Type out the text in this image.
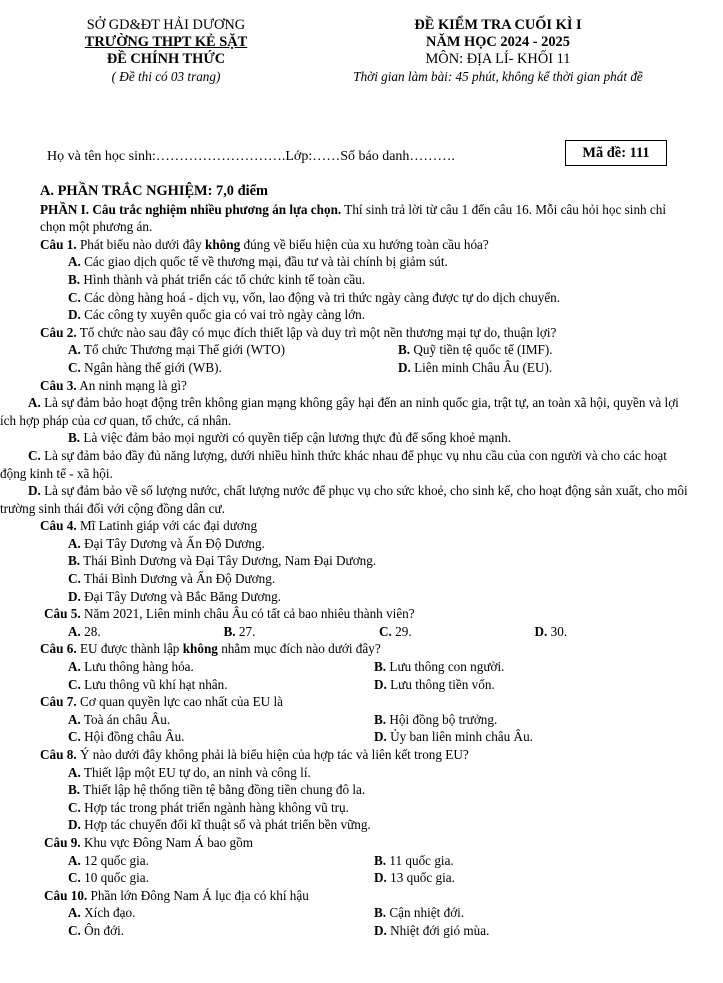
SỞ GD&ĐT HẢI DƯƠNG
TRƯỜNG THPT KẺ SẶT
ĐỀ CHÍNH THỨC
( Đề thi có 03 trang)
ĐỀ KIỂM TRA CUỐI KÌ I
NĂM HỌC 2024 - 2025
MÔN: ĐỊA LÍ- KHỐI 11
Thời gian làm bài: 45 phút, không kể thời gian phát đề
Họ và tên học sinh:……………………….Lớp:……Số báo danh……….	Mã đề: 111
A. PHẦN TRẮC NGHIỆM: 7,0 điểm
PHẦN I. Câu trắc nghiệm nhiều phương án lựa chọn. Thí sinh trả lời từ câu 1 đến câu 16. Mỗi câu hỏi học sinh chỉ chọn một phương án.
Câu 1. Phát biểu nào dưới đây không đúng về biểu hiện của xu hướng toàn cầu hóa?
A. Các giao dịch quốc tế về thương mại, đầu tư và tài chính bị giảm sút.
B. Hình thành và phát triển các tổ chức kinh tế toàn cầu.
C. Các dòng hàng hoá - dịch vụ, vốn, lao động và tri thức ngày càng được tự do dịch chuyển.
D. Các công ty xuyên quốc gia có vai trò ngày càng lớn.
Câu 2. Tổ chức nào sau đây có mục đích thiết lập và duy trì một nền thương mại tự do, thuận lợi?
A. Tổ chức Thương mại Thế giới (WTO)	B. Quỹ tiền tệ quốc tế (IMF).
C. Ngân hàng thế giới (WB).	D. Liên minh Châu Âu (EU).
Câu 3. An ninh mạng là gì?
A. Là sự đảm bảo hoạt động trên không gian mạng không gây hại đến an ninh quốc gia, trật tự, an toàn xã hội, quyền và lợi ích hợp pháp của cơ quan, tổ chức, cá nhân.
B. Là việc đảm bảo mọi người có quyền tiếp cận lương thực đủ để sống khoẻ mạnh.
C. Là sự đảm bảo đầy đủ năng lượng, dưới nhiều hình thức khác nhau để phục vụ nhu cầu của con người và cho các hoạt động kinh tế - xã hội.
D. Là sự đảm bảo về số lượng nước, chất lượng nước để phục vụ cho sức khoẻ, cho sinh kế, cho hoạt động sản xuất, cho môi trường sinh thái đối với cộng đồng dân cư.
Câu 4. Mĩ Latinh giáp với các đại dương
A. Đại Tây Dương và Ấn Độ Dương.
B. Thái Bình Dương và Đại Tây Dương, Nam Đại Dương.
C. Thái Bình Dương và Ấn Độ Dương.
D. Đại Tây Dương và Bắc Băng Dương.
Câu 5. Năm 2021, Liên minh châu Âu có tất cả bao nhiêu thành viên?
A. 28.	B. 27.	C. 29.	D. 30.
Câu 6. EU được thành lập không nhằm mục đích nào dưới đây?
A. Lưu thông hàng hóa.	B. Lưu thông con người.
C. Lưu thông vũ khí hạt nhân.	D. Lưu thông tiền vốn.
Câu 7. Cơ quan quyền lực cao nhất của EU là
A. Toà án châu Âu.	B. Hội đồng bộ trưởng.
C. Hội đồng châu Âu.	D. Ủy ban liên minh châu Âu.
Câu 8. Ý nào dưới đây không phải là biểu hiện của hợp tác và liên kết trong EU?
A. Thiết lập một EU tự do, an ninh và công lí.
B. Thiết lập hệ thống tiền tệ bằng đồng tiền chung đô la.
C. Hợp tác trong phát triển ngành hàng không vũ trụ.
D. Hợp tác chuyển đổi kĩ thuật số và phát triển bền vững.
Câu 9. Khu vực Đông Nam Á bao gồm
A. 12 quốc gia.	B. 11 quốc gia.
C. 10 quốc gia.	D. 13 quốc gia.
Câu 10. Phần lớn Đông Nam Á lục địa có khí hậu
A. Xích đạo.	B. Cận nhiệt đới.
C. Ôn đới.	D. Nhiệt đới gió mùa.
